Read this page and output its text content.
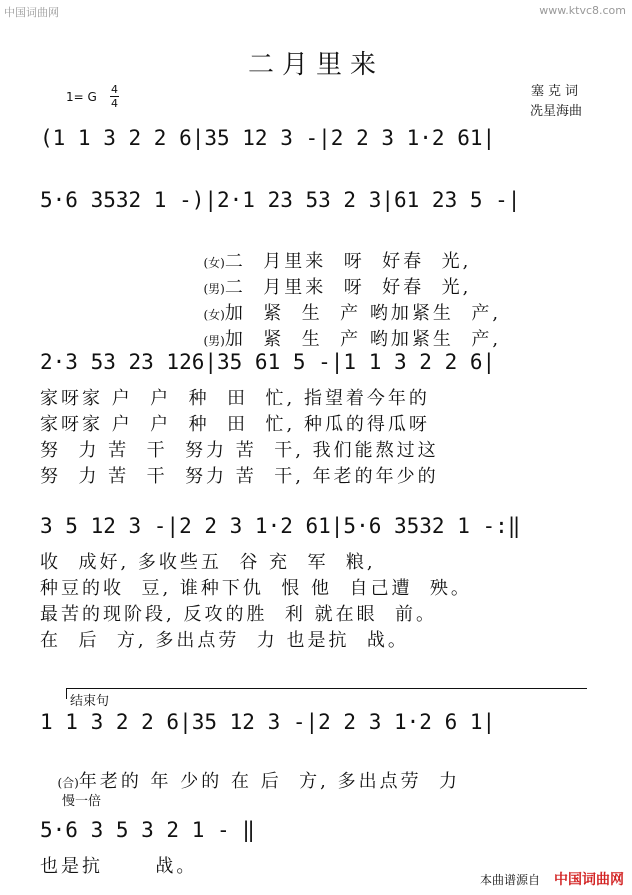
中国词曲网	www.ktvc8.com
二月里来
1= G
4
4
塞克词
冼星海曲
(1 1 3 2 2 6|35 12 3 -|2 2 3 1·2 61|
5·6 3532 1 -)|2·1 23 53 2 3|61 23 5 -|

(女)二  月里来  呀  好春  光,

(男)二  月里来  呀  好春  光,

(女)加  紧  生  产 哟加紧生  产,

(男)加  紧  生  产 哟加紧生  产,

2·3 53 23 126|35 61 5 -|1 1 3 2 2 6|
家呀家 户  户  种  田  忙, 指望着今年的
家呀家 户  户  种  田  忙, 种瓜的得瓜呀
努  力 苦  干  努力 苦  干, 我们能熬过这
努  力 苦  干  努力 苦  干, 年老的年少的
3 5 12 3 -|2 2 3 1·2 61|5·6 3532 1 -:‖
收  成好, 多收些五  谷 充  军  粮,
种豆的收  豆, 谁种下仇  恨 他  自己遭  殃。
最苦的现阶段, 反攻的胜  利 就在眼  前。
在  后  方, 多出点劳  力 也是抗  战。
结束句
1 1 3 2 2 6|35 12 3 -|2 2 3 1·2 6 1|

(合)年老的 年 少的 在 后  方, 多出点劳  力

慢一倍
5·6 3 5 3 2 1 - ‖
也是抗      战。
本曲谱源自 中国词曲网
